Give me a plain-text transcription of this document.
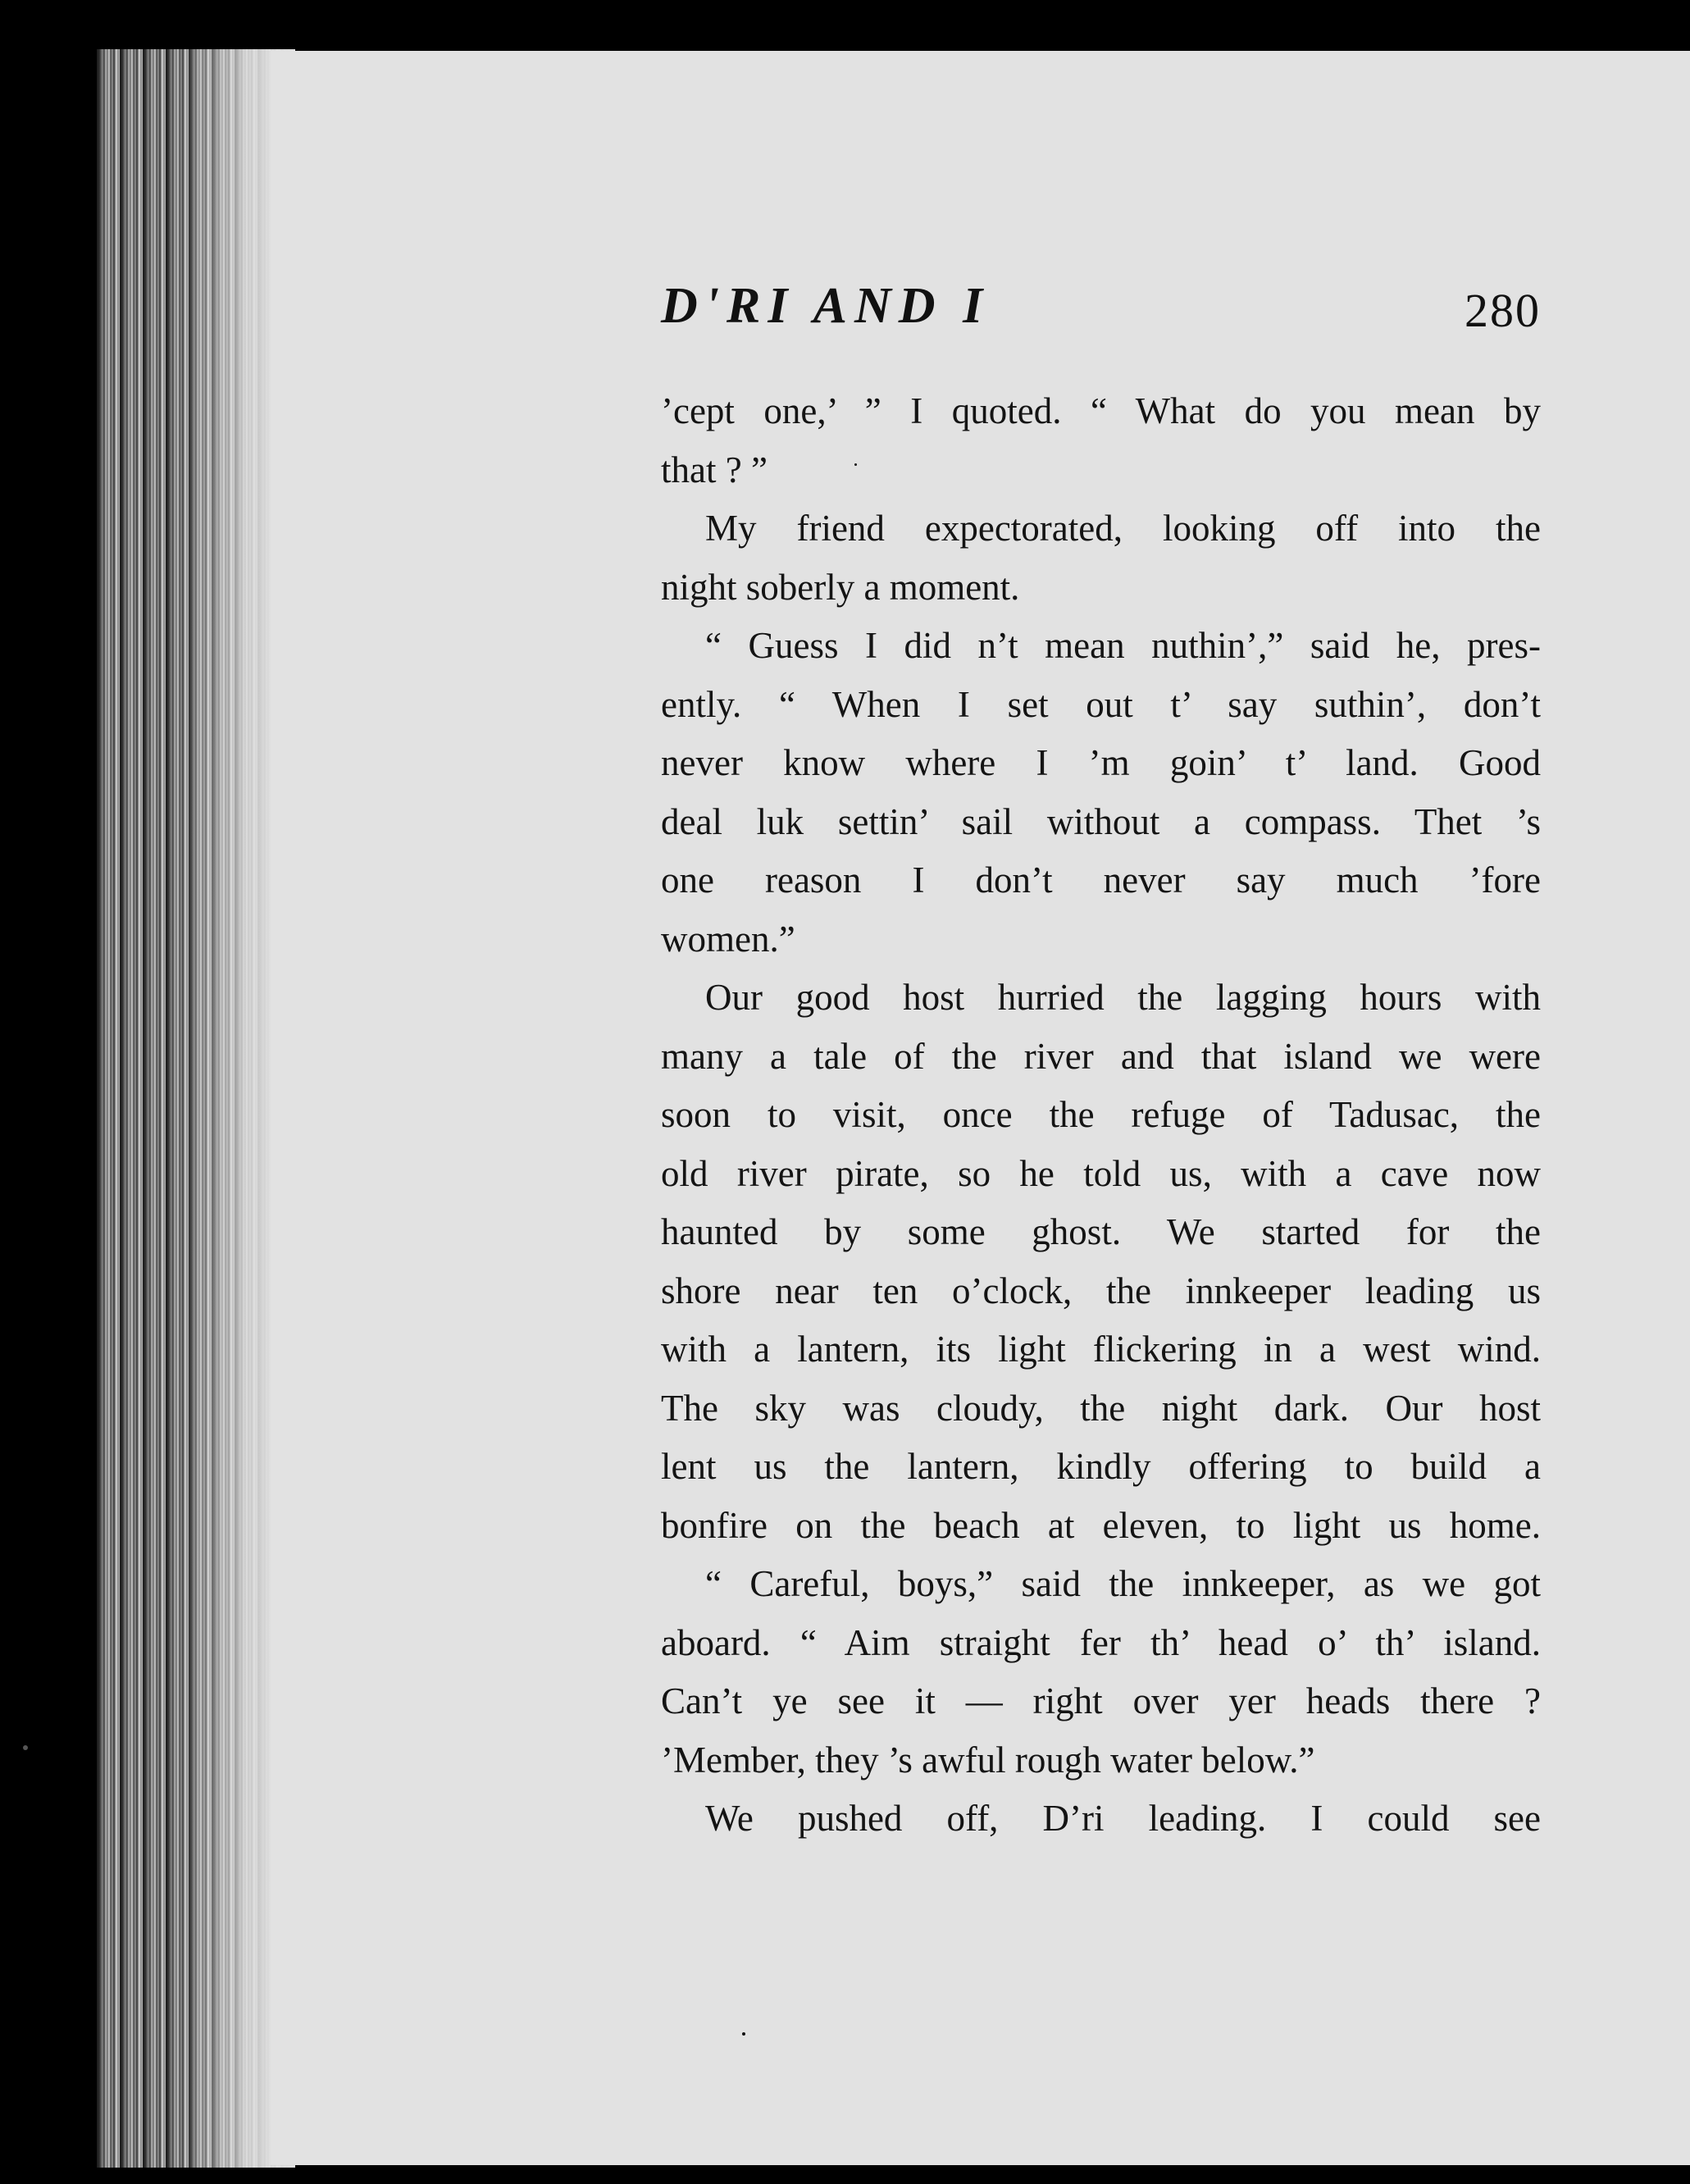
D'RI AND I	280
’cept one,’ ” I quoted. “ What do you mean by
that ? ”
My friend expectorated, looking off into the
night soberly a moment.
“ Guess I did n’t mean nuthin’,” said he, pres-
ently. “ When I set out t’ say suthin’, don’t
never know where I ’m goin’ t’ land. Good
deal luk settin’ sail without a compass. Thet ’s
one reason I don’t never say much ’fore
women.”
Our good host hurried the lagging hours with
many a tale of the river and that island we were
soon to visit, once the refuge of Tadusac, the
old river pirate, so he told us, with a cave now
haunted by some ghost. We started for the
shore near ten o’clock, the innkeeper leading us
with a lantern, its light flickering in a west wind.
The sky was cloudy, the night dark. Our host
lent us the lantern, kindly offering to build a
bonfire on the beach at eleven, to light us home.
“ Careful, boys,” said the innkeeper, as we got
aboard. “ Aim straight fer th’ head o’ th’ island.
Can’t ye see it — right over yer heads there ?
’Member, they ’s awful rough water below.”
We pushed off, D’ri leading. I could see
